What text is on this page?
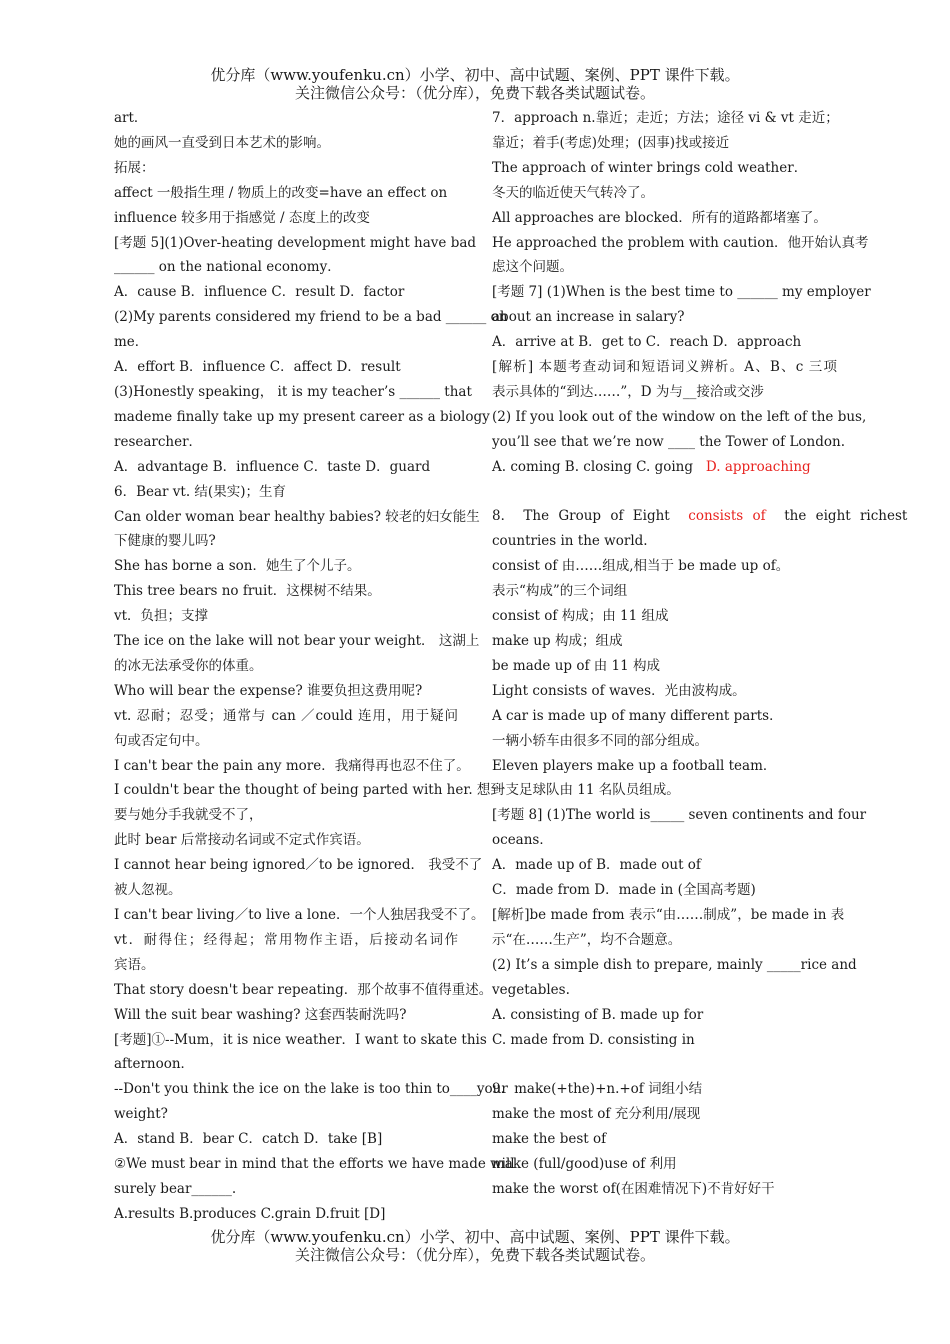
优分库（www.youfenku.cn）小学、初中、高中试题、案例、PPT 课件下载。
关注微信公众号：（优分库），免费下载各类试题试卷。

art．

她的画风一直受到日本艺术的影响。

拓展：

affect 一般指生理 / 物质上的改变=have an effect on

influence 较多用于指感觉 / 态度上的改变

[考题 5](1)Over-heating development might have bad

______ on the national economy．

A．cause B．influence C．result D．factor

(2)My parents considered my friend to be a bad ______ on

me．

A．effort B．influence C．affect D．result

(3)Honestly speaking， it is my teacher’s ______ that

mademe finally take up my present career as a biology

researcher．

A．advantage B．influence C．taste D．guard

6．Bear vt. 结(果实)；生育

Can older woman bear healthy babies? 较老的妇女能生

下健康的婴儿吗?

She has borne a son．她生了个儿子。

This tree bears no fruit．这棵树不结果。

vt．负担；支撑

The ice on the lake will not bear your weight． 这湖上

的冰无法承受你的体重。

Who will bear the expense? 谁要负担这费用呢?

vt. 忍耐；忍受；通常与 can ／could 连用，用于疑问

句或否定句中。

I can't bear the pain any more．我痛得再也忍不住了。

I couldn't bear the thought of being parted with her. 想到

要与她分手我就受不了，

此时 bear 后常接动名词或不定式作宾语。

I cannot hear being ignored／to be ignored． 我受不了

被人忽视。

I can't bear living／to live a lone．一个人独居我受不了。

vt．耐得住；经得起；常用物作主语，后接动名词作

宾语。

That story doesn't bear repeating．那个故事不值得重述。

Will the suit bear washing? 这套西装耐洗吗?

[考题]①--Mum，it is nice weather．I want to skate this

afternoon．

--Don't you think the ice on the lake is too thin to____your

weight?

A．stand B．bear C．catch D．take [B]

②We must bear in mind that the efforts we have made will

surely bear______.

A.results B.produces C.grain D.fruit [D]

7．approach n.靠近；走近；方法；途径 vi & vt 走近；

靠近；着手(考虑)处理；(因事)找或接近

The approach of winter brings cold weather．

冬天的临近使天气转冷了。

All approaches are blocked．所有的道路都堵塞了。

He approached the problem with caution．他开始认真考

虑这个问题。

[考题 7] (1)When is the best time to ______ my employer

about an increase in salary?

A．arrive at B．get to C．reach D．approach

[解析] 本题考查动词和短语词义辨析。A、B、c 三项

表示具体的“到达……”，D 为与__接洽或交涉

(2) If you look out of the window on the left of the bus,

you’ll see that we’re now ____ the Tower of London.

A. coming B. closing C. going D. approaching

8． The Group of Eight consists of the eight richest

countries in the world.

consist of 由……组成,相当于 be made up of。

表示“构成”的三个词组

consist of 构成；由 11 组成

make up 构成；组成

be made up of 由 11 构成

Light consists of waves．光由波构成。

A car is made up of many different parts．

一辆小轿车由很多不同的部分组成。

Eleven players make up a football team．

一支足球队由 11 名队员组成。

[考题 8] (1)The world is_____ seven continents and four

oceans．

A．made up of B．made out of

C．made from D．made in (全国高考题)

[解析]be made from 表示“由……制成”，be made in 表

示“在……生产”，均不合题意。

(2) It’s a simple dish to prepare, mainly _____rice and

vegetables.

A. consisting of B. made up for

C. made from D. consisting in

9．make(+the)+n.+of 词组小结

make the most of 充分利用/展现

make the best of

make (full/good)use of 利用

make the worst of(在困难情况下)不肯好好干

优分库（www.youfenku.cn）小学、初中、高中试题、案例、PPT 课件下载。
关注微信公众号：（优分库），免费下载各类试题试卷。
